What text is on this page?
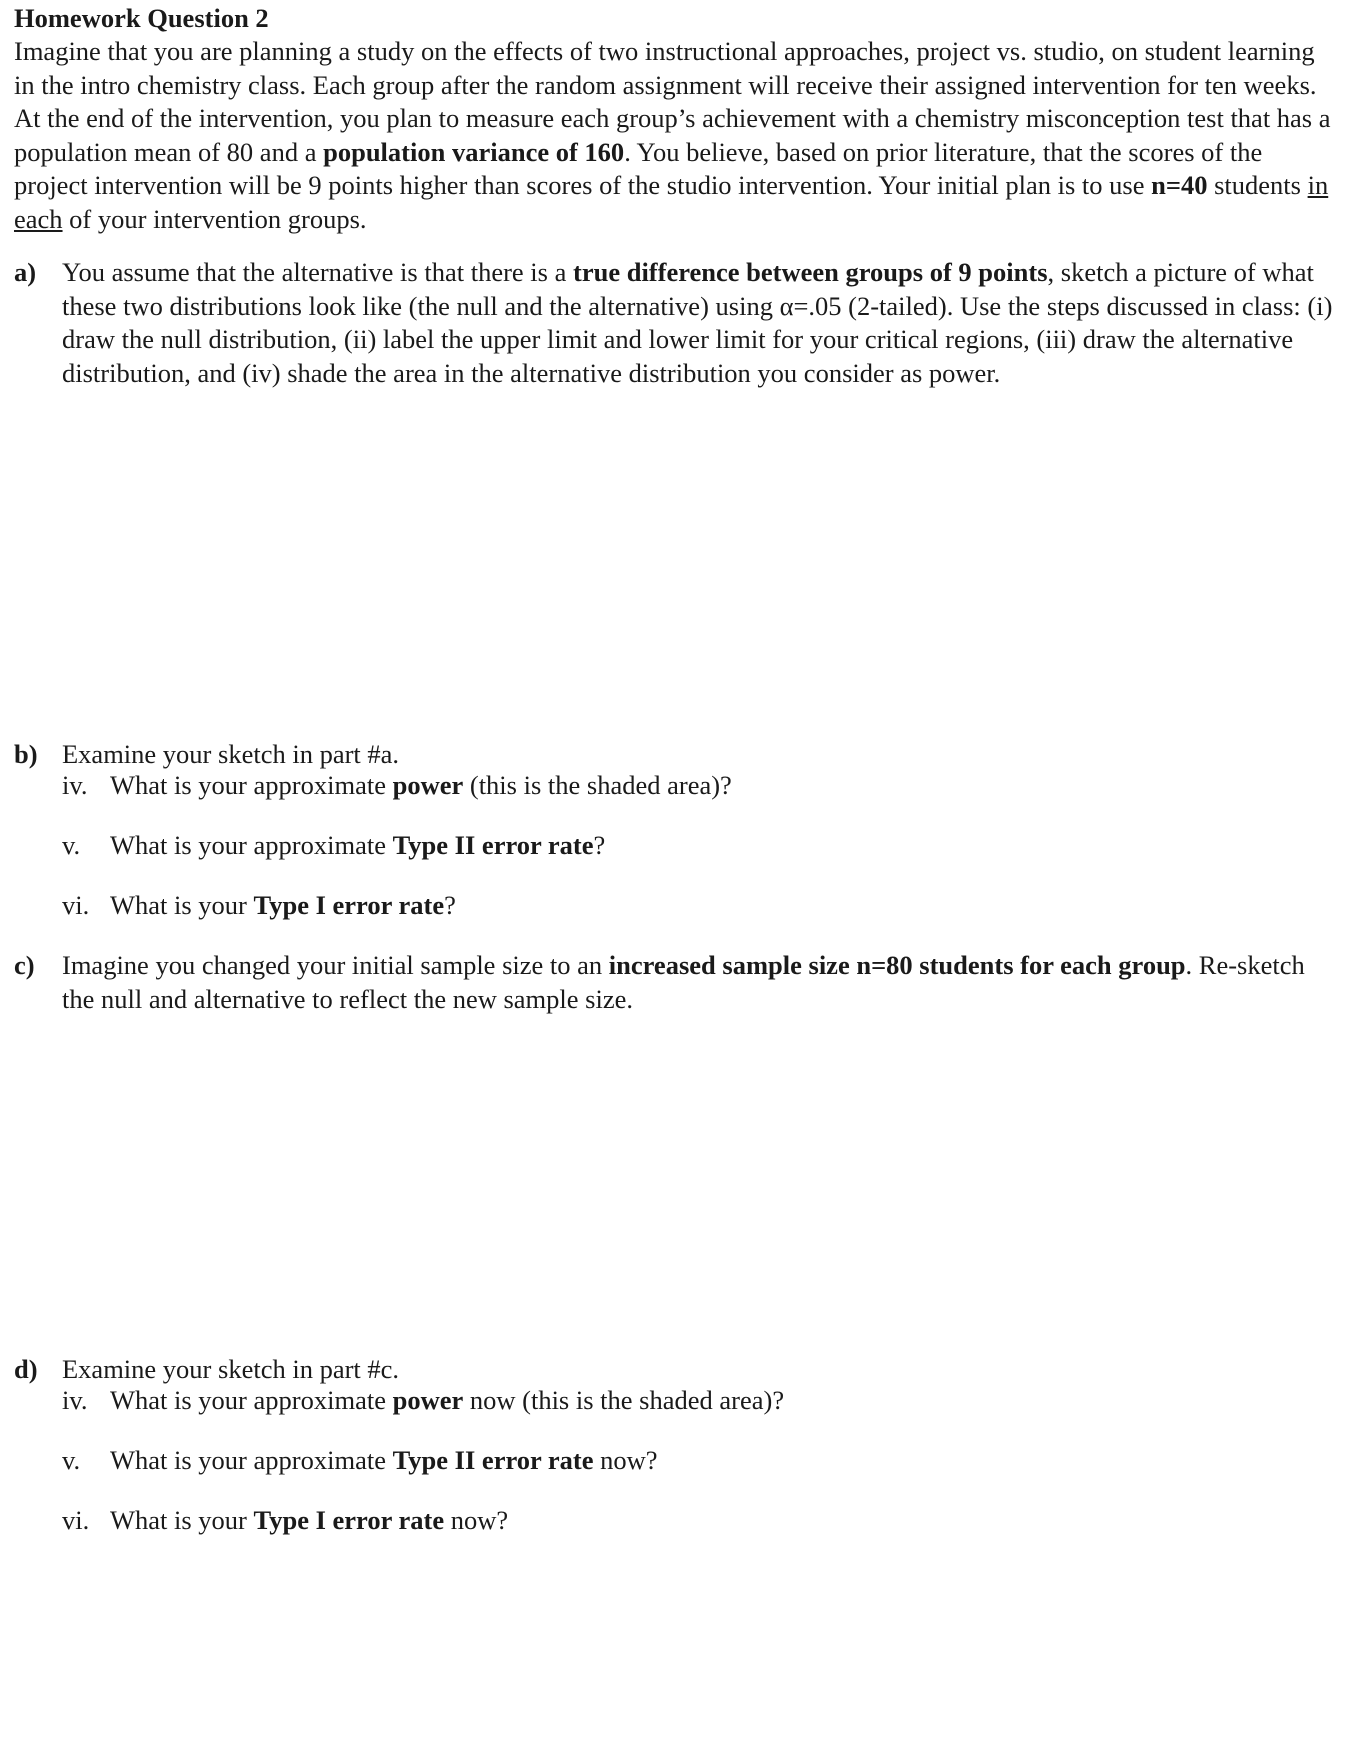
Homework Question 2
Imagine that you are planning a study on the effects of two instructional approaches, project vs. studio, on student learning in the intro chemistry class. Each group after the random assignment will receive their assigned intervention for ten weeks. At the end of the intervention, you plan to measure each group’s achievement with a chemistry misconception test that has a population mean of 80 and a population variance of 160. You believe, based on prior literature, that the scores of the project intervention will be 9 points higher than scores of the studio intervention. Your initial plan is to use n=40 students in each of your intervention groups.
a) You assume that the alternative is that there is a true difference between groups of 9 points, sketch a picture of what these two distributions look like (the null and the alternative) using α=.05 (2-tailed). Use the steps discussed in class: (i) draw the null distribution, (ii) label the upper limit and lower limit for your critical regions, (iii) draw the alternative distribution, and (iv) shade the area in the alternative distribution you consider as power.
b) Examine your sketch in part #a.
iv. What is your approximate power (this is the shaded area)?
v. What is your approximate Type II error rate?
vi. What is your Type I error rate?
c) Imagine you changed your initial sample size to an increased sample size n=80 students for each group. Re-sketch the null and alternative to reflect the new sample size.
d) Examine your sketch in part #c.
iv. What is your approximate power now (this is the shaded area)?
v. What is your approximate Type II error rate now?
vi. What is your Type I error rate now?
